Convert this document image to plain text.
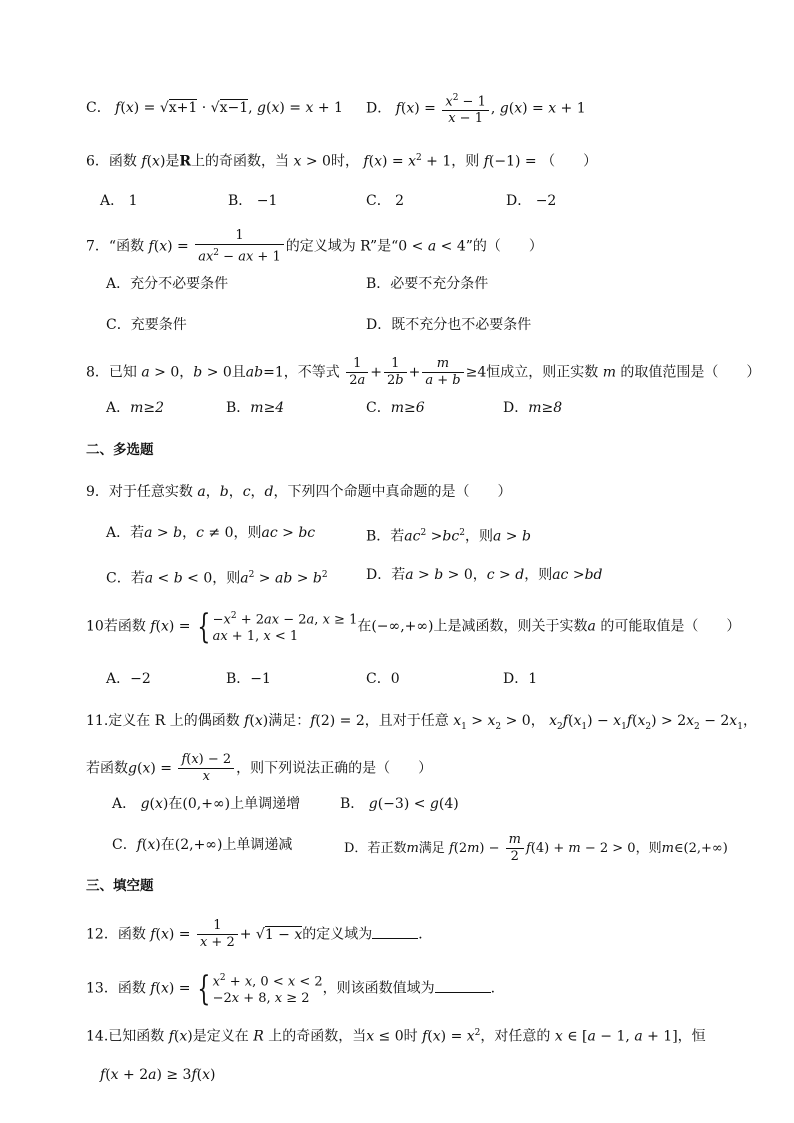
C． f(x) = √x+1 · √x−1, g(x) = x + 1 D． $f(x) = \frac{x^2 - 1}{x - 1}$ , g(x) = x + 1
6．函数 f(x)是R上的奇函数，当 x > 0时， $f(x) = x^2 + 1$，则 f(−1) = （　　）
A． 1	B． −1	C． 2	D． −2
7．“函数 $f(x) = \frac{1}{ax^2 - ax + 1}$ 的定义域为 R”是“0 < a < 4”的（　　）
A．充分不必要条件	B．必要不充分条件
C．充要条件	D．既不充分也不必要条件
8．已知 a > 0，b > 0且ab=1，不等式 $\frac{1}{2a} + \frac{1}{2b} + \frac{m}{a + b} \ge 4$恒成立，则正实数 m 的取值范围是（　　）
A．m≥2	B．m≥4	C．m≥6	D．m≥8
二、多选题
9．对于任意实数 a，b，c，d，下列四个命题中真命题的是（　　）
A．若a > b，c ≠ 0，则ac > bc	B．若$ac^2 >bc^2$，则a > b
C．若a < b < 0，则$a^2$ > ab > $b^2$	D．若a > b > 0，c > d，则ac >bd
10若函数 f(x) = { $-x^2 + 2ax - 2a$, x ≥ 1
ax + 1, x < 1在(−∞,+∞)上是减函数，则关于实数a 的可能取值是（　　）
A．−2	B．−1	C．0	D．1
11.定义在 R 上的偶函数 f(x)满足：f(2) = 2，且对于任意 $x_1 > x_2 > 0$， $x_2f(x_1) - x_1f(x_2) > 2x_2 - 2x_1$，
若函数$g(x) = \frac{f(x) - 2}{x}$ ，则下列说法正确的是（　　）
A． g(x)在(0,+∞)上单调递增	B． g(−3) < g(4)
C．f(x)在(2,+∞)上单调递减	D．若正数m满足 $f(2m) - \frac{m}{2} f(4) + m - 2 > 0$，则m∈(2,+∞)
三、填空题
12．函数 $f(x) = \frac{1}{x + 2} + √1 - x$的定义域为	．
13．函数 f(x) = { $x^2 + x$, 0 < x < 2
−2x + 8, x ≥ 2，则该函数值域为	.
14.已知函数 f(x)是定义在 R 上的奇函数，当x ≤ 0时 $f(x) = x^2$，对任意的 x ∈ [a − 1, a + 1]，恒
f(x + 2a) ≥ 3f(x)
